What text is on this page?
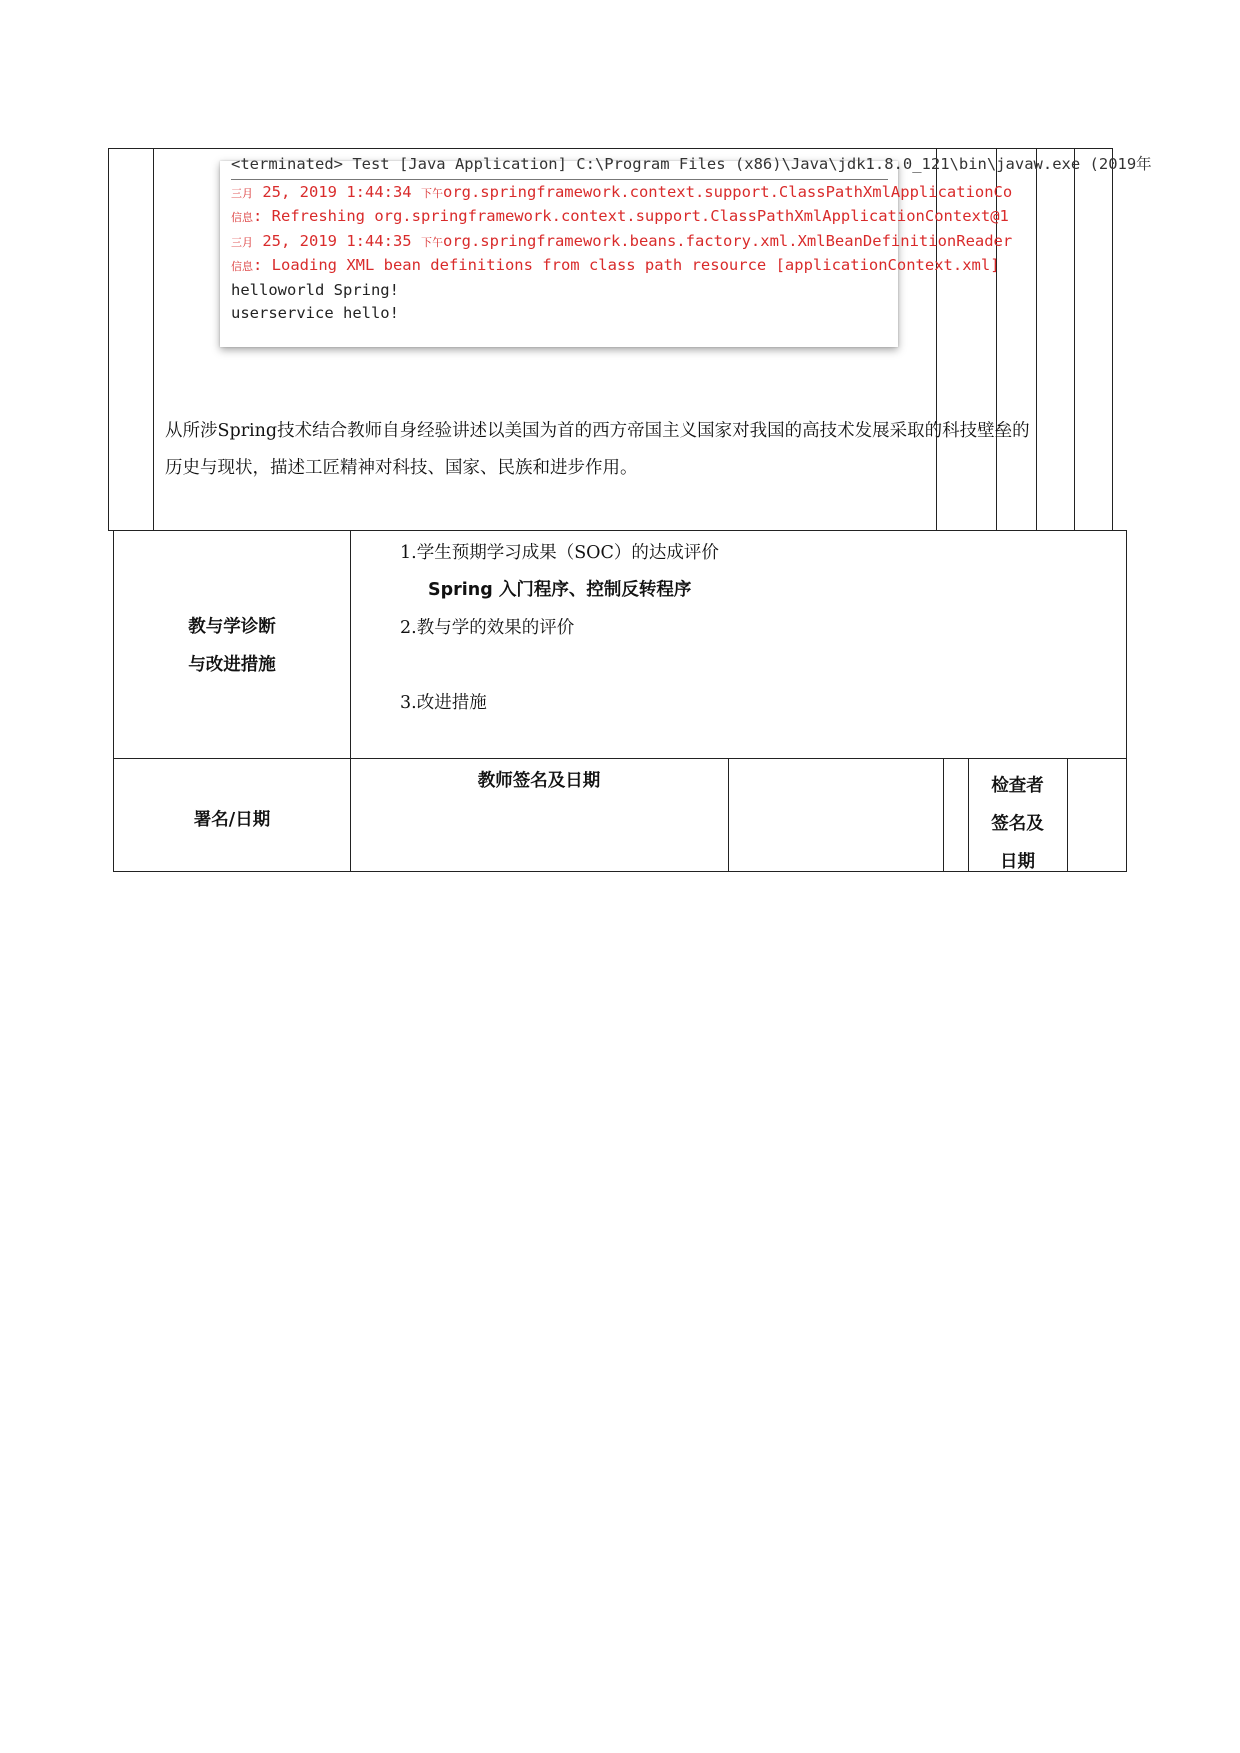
<terminated> Test [Java Application] C:\Program Files (x86)\Java\jdk1.8.0_121\bin\javaw.exe (2019年
三月 25, 2019 1:44:34 下午org.springframework.context.support.ClassPathXmlApplicationCo
信息: Refreshing org.springframework.context.support.ClassPathXmlApplicationContext@1
三月 25, 2019 1:44:35 下午org.springframework.beans.factory.xml.XmlBeanDefinitionReader
信息: Loading XML bean definitions from class path resource [applicationContext.xml]
helloworld Spring!
userservice hello!
从所涉Spring技术结合教师自身经验讲述以美国为首的西方帝国主义国家对我国的高技术发展采取的科技壁垒的历史与现状，描述工匠精神对科技、国家、民族和进步作用。
教与学诊断
与改进措施
1.学生预期学习成果（SOC）的达成评价
Spring 入门程序、控制反转程序
2.教与学的效果的评价
3.改进措施
署名/日期
教师签名及日期	检查者
签名及
日期
